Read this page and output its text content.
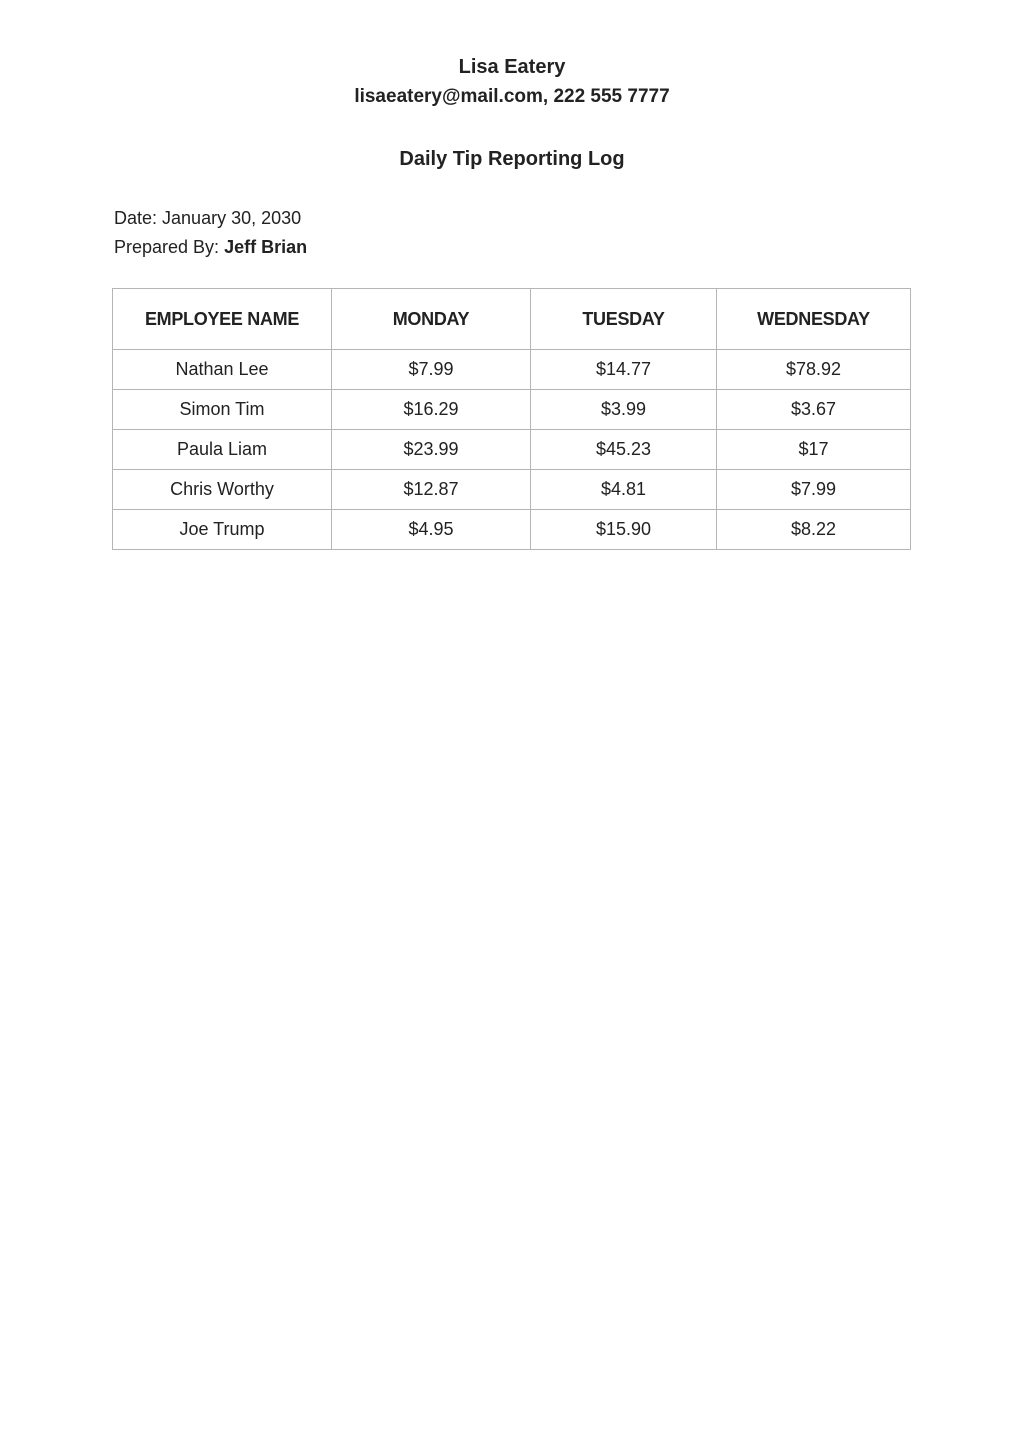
Lisa Eatery
lisaeatery@mail.com, 222 555 7777
Daily Tip Reporting Log
Date: January 30, 2030
Prepared By: Jeff Brian
EMPLOYEE NAME	MONDAY	TUESDAY	WEDNESDAY
Nathan Lee	$7.99	$14.77	$78.92
Simon Tim	$16.29	$3.99	$3.67
Paula Liam	$23.99	$45.23	$17
Chris Worthy	$12.87	$4.81	$7.99
Joe Trump	$4.95	$15.90	$8.22
